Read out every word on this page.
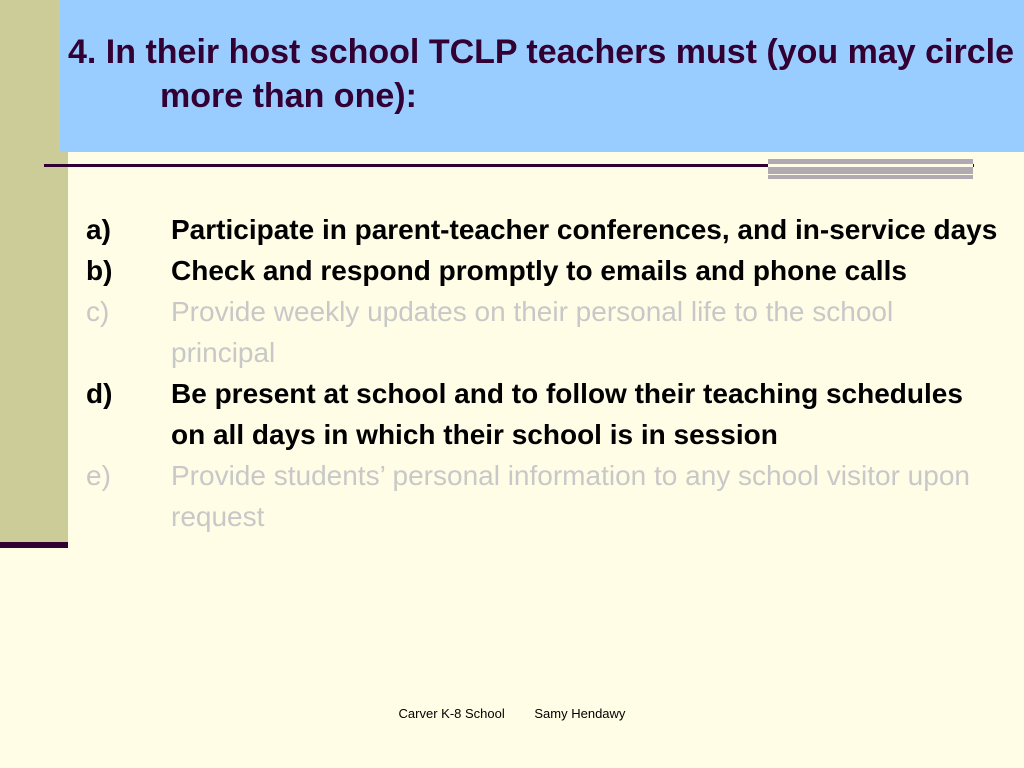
4. In their host school TCLP teachers must (you may circle more than one):
a)	Participate in parent-teacher conferences, and in-service days
b)	Check and respond promptly to emails and phone calls
c)	Provide weekly updates on their personal life to the school principal
d)	Be present at school and to follow their teaching schedules on all days in which their school is in session
e)	Provide students’ personal information to any school visitor upon request
Carver K-8 School Samy Hendawy
